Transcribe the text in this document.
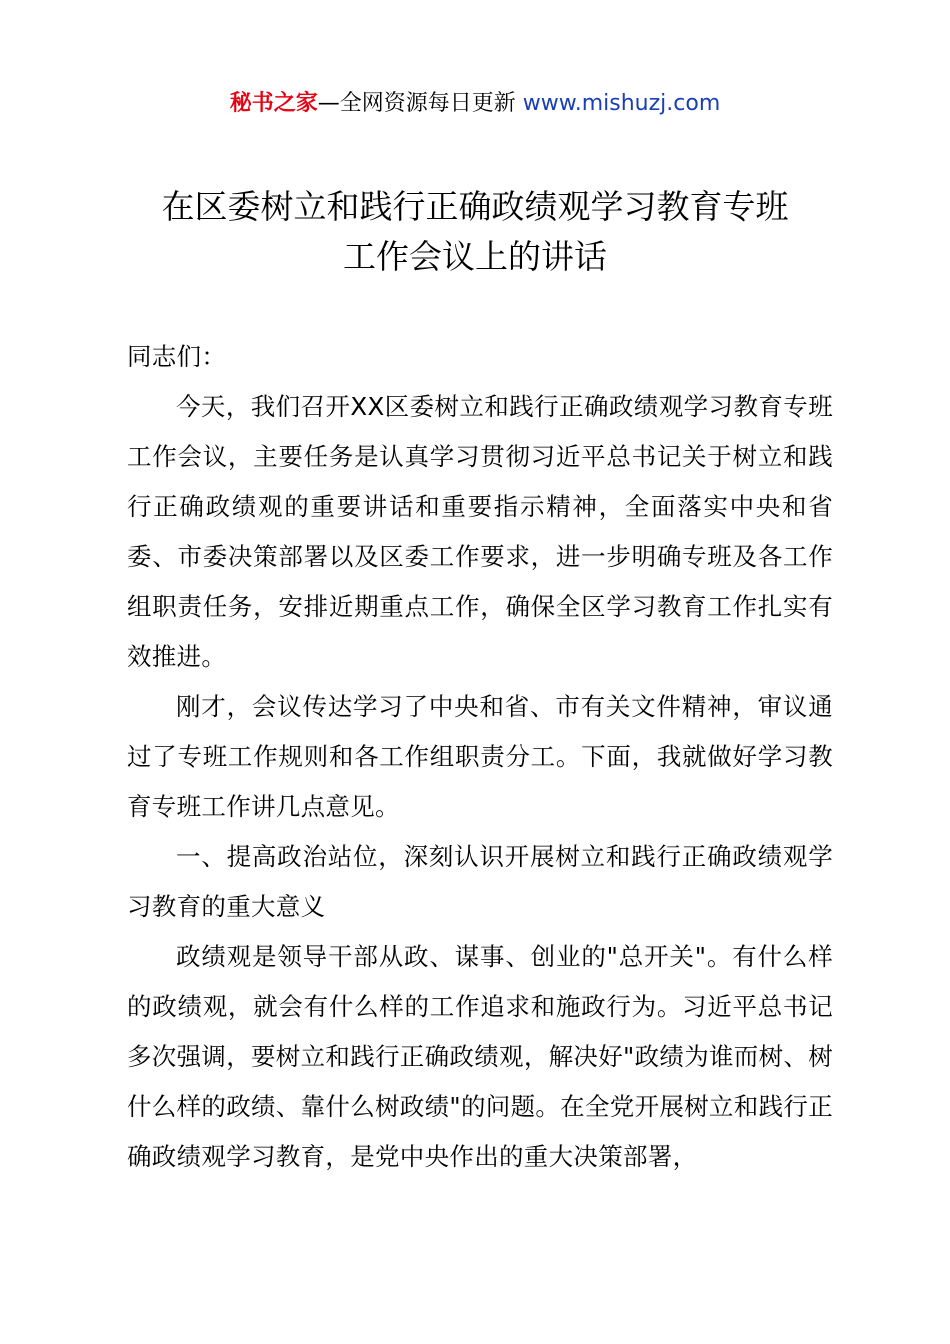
秘书之家—全网资源每日更新 www.mishuzj.com
在区委树立和践行正确政绩观学习教育专班
工作会议上的讲话

同志们：

今天，我们召开XX区委树立和践行正确政绩观学习教育专班工作会议，主要任务是认真学习贯彻习近平总书记关于树立和践行正确政绩观的重要讲话和重要指示精神，全面落实中央和省委、市委决策部署以及区委工作要求，进一步明确专班及各工作组职责任务，安排近期重点工作，确保全区学习教育工作扎实有效推进。

刚才，会议传达学习了中央和省、市有关文件精神，审议通过了专班工作规则和各工作组职责分工。下面，我就做好学习教育专班工作讲几点意见。

一、提高政治站位，深刻认识开展树立和践行正确政绩观学习教育的重大意义

政绩观是领导干部从政、谋事、创业的"总开关"。有什么样的政绩观，就会有什么样的工作追求和施政行为。习近平总书记多次强调，要树立和践行正确政绩观，解决好"政绩为谁而树、树什么样的政绩、靠什么树政绩"的问题。在全党开展树立和践行正确政绩观学习教育，是党中央作出的重大决策部署，
